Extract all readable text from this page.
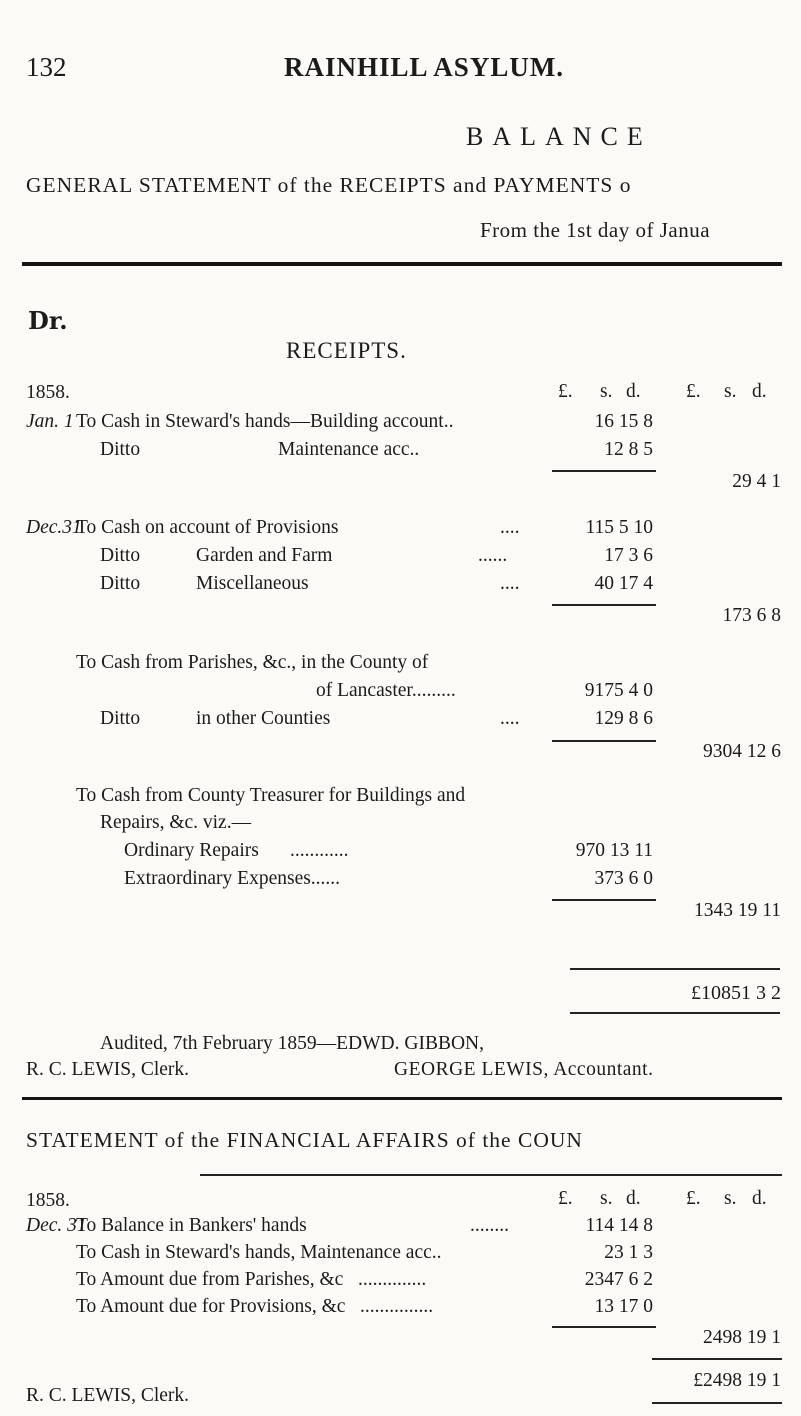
132	RAINHILL ASYLUM.
BALANCE
GENERAL STATEMENT of the RECEIPTS and PAYMENTS o
From the 1st day of Janua
Dr.
RECEIPTS.
£. s. d. £. s. d.
1858.
Jan. 1 To Cash in Steward's hands—Building account..	16 15 8
Ditto	Maintenance acc..	12 8 5
29 4 1
Dec.31
To Cash on account of Provisions	....	115 5 10
Ditto	Garden and Farm	......	17 3 6
Ditto	Miscellaneous	....	40 17 4
173 6 8
To Cash from Parishes, &c., in the County of
of Lancaster.........	9175 4 0
Ditto	in other Counties	....	129 8 6
9304 12 6
To Cash from County Treasurer for Buildings and
Repairs, &c. viz.—
Ordinary Repairs ............	970 13 11
Extraordinary Expenses......	373 6 0
1343 19 11
£10851 3 2
Audited, 7th February 1859—EDWD. GIBBON,
R. C. LEWIS, Clerk.	GEORGE LEWIS, Accountant.
STATEMENT of the FINANCIAL AFFAIRS of the COUN
£. s. d. £. s. d.
1858.
Dec. 31
To Balance in Bankers' hands	........	114 14 8
To Cash in Steward's hands, Maintenance acc..	23 1 3
To Amount due from Parishes, &c ..............	2347 6 2
To Amount due for Provisions, &c ...............	13 17 0
2498 19 1
£2498 19 1
R. C. LEWIS, Clerk.
